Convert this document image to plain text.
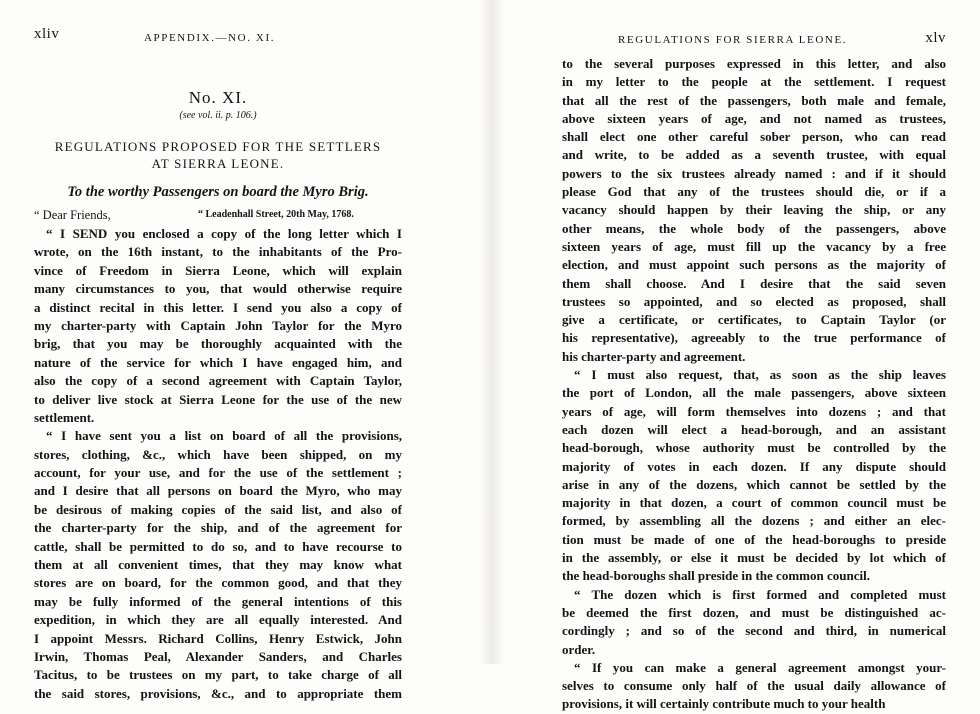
xliv	APPENDIX.—NO. XI.
No. XI.
(see vol. ii. p. 106.)
REGULATIONS PROPOSED FOR THE SETTLERS
AT SIERRA LEONE.
To the worthy Passengers on board the Myro Brig.
“ Dear Friends,	“ Leadenhall Street, 20th May, 1768.
“ I SEND you enclosed a copy of the long letter which I
wrote, on the 16th instant, to the inhabitants of the Pro-
vince of Freedom in Sierra Leone, which will explain
many circumstances to you, that would otherwise require
a distinct recital in this letter. I send you also a copy of
my charter-party with Captain John Taylor for the Myro
brig, that you may be thoroughly acquainted with the
nature of the service for which I have engaged him, and
also the copy of a second agreement with Captain Taylor,
to deliver live stock at Sierra Leone for the use of the new
settlement.
“ I have sent you a list on board of all the provisions,
stores, clothing, &c., which have been shipped, on my
account, for your use, and for the use of the settlement ;
and I desire that all persons on board the Myro, who may
be desirous of making copies of the said list, and also of
the charter-party for the ship, and of the agreement for
cattle, shall be permitted to do so, and to have recourse to
them at all convenient times, that they may know what
stores are on board, for the common good, and that they
may be fully informed of the general intentions of this
expedition, in which they are all equally interested. And
I appoint Messrs. Richard Collins, Henry Estwick, John
Irwin, Thomas Peal, Alexander Sanders, and Charles
Tacitus, to be trustees on my part, to take charge of all
the said stores, provisions, &c., and to appropriate them
REGULATIONS FOR SIERRA LEONE.	xlv
to the several purposes expressed in this letter, and also
in my letter to the people at the settlement. I request
that all the rest of the passengers, both male and female,
above sixteen years of age, and not named as trustees,
shall elect one other careful sober person, who can read
and write, to be added as a seventh trustee, with equal
powers to the six trustees already named : and if it should
please God that any of the trustees should die, or if a
vacancy should happen by their leaving the ship, or any
other means, the whole body of the passengers, above
sixteen years of age, must fill up the vacancy by a free
election, and must appoint such persons as the majority of
them shall choose. And I desire that the said seven
trustees so appointed, and so elected as proposed, shall
give a certificate, or certificates, to Captain Taylor (or
his representative), agreeably to the true performance of
his charter-party and agreement.
“ I must also request, that, as soon as the ship leaves
the port of London, all the male passengers, above sixteen
years of age, will form themselves into dozens ; and that
each dozen will elect a head-borough, and an assistant
head-borough, whose authority must be controlled by the
majority of votes in each dozen. If any dispute should
arise in any of the dozens, which cannot be settled by the
majority in that dozen, a court of common council must be
formed, by assembling all the dozens ; and either an elec-
tion must be made of one of the head-boroughs to preside
in the assembly, or else it must be decided by lot which of
the head-boroughs shall preside in the common council.
“ The dozen which is first formed and completed must
be deemed the first dozen, and must be distinguished ac-
cordingly ; and so of the second and third, in numerical
order.
“ If you can make a general agreement amongst your-
selves to consume only half of the usual daily allowance of
provisions, it will certainly contribute much to your health
